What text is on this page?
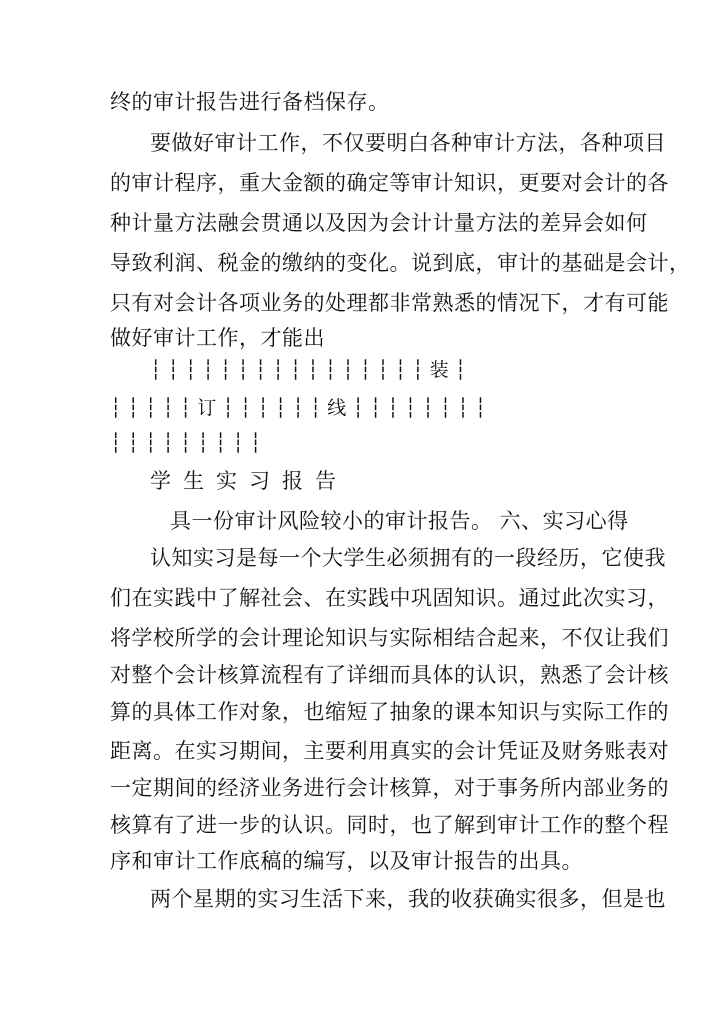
终的审计报告进行备档保存。
要做好审计工作，不仅要明白各种审计方法，各种项目
的审计程序，重大金额的确定等审计知识，更要对会计的各
种计量方法融会贯通以及因为会计计量方法的差异会如何
导致利润、税金的缴纳的变化。说到底，审计的基础是会计，
只有对会计各项业务的处理都非常熟悉的情况下，才有可能
做好审计工作，才能出
┆ ┆ ┆ ┆ ┆ ┆ ┆ ┆ ┆ ┆ ┆ ┆ ┆ ┆ ┆ ┆ 装 ┆
┆ ┆ ┆ ┆ ┆ 订 ┆ ┆ ┆ ┆ ┆ ┆ 线 ┆ ┆ ┆ ┆ ┆ ┆ ┆ ┆
┆ ┆ ┆ ┆ ┆ ┆ ┆ ┆ ┆
学生实习报告
具一份审计风险较小的审计报告。 六、实习心得
认知实习是每一个大学生必须拥有的一段经历，它使我
们在实践中了解社会、在实践中巩固知识。通过此次实习，
将学校所学的会计理论知识与实际相结合起来，不仅让我们
对整个会计核算流程有了详细而具体的认识，熟悉了会计核
算的具体工作对象，也缩短了抽象的课本知识与实际工作的
距离。在实习期间，主要利用真实的会计凭证及财务账表对
一定期间的经济业务进行会计核算，对于事务所内部业务的
核算有了进一步的认识。同时，也了解到审计工作的整个程
序和审计工作底稿的编写，以及审计报告的出具。
两个星期的实习生活下来，我的收获确实很多，但是也
